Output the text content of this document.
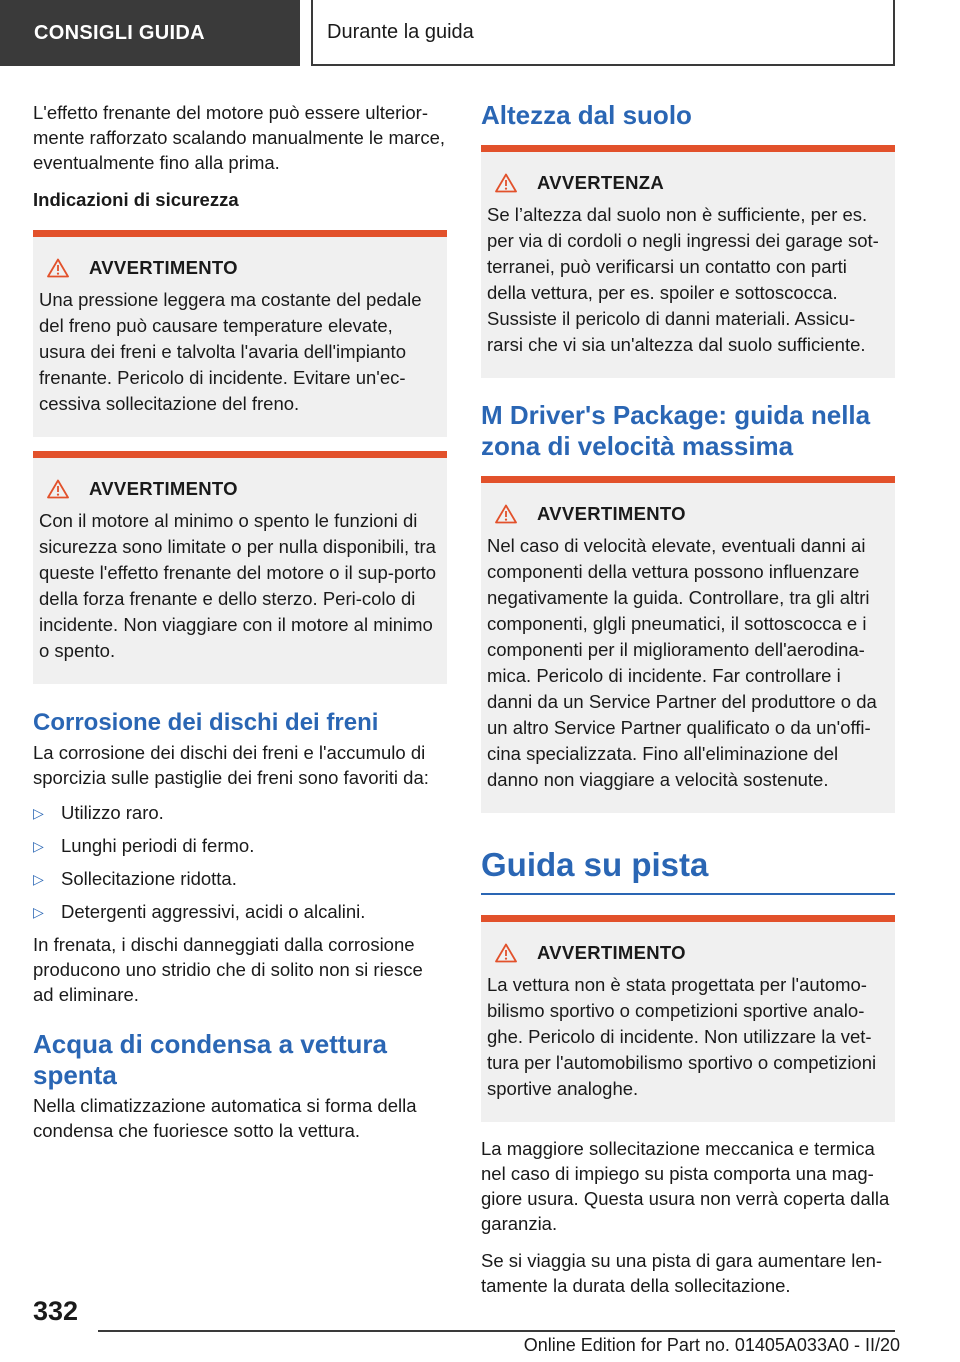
CONSIGLI GUIDA	Durante la guida

L'effetto frenante del motore può essere ulterior-mente rafforzato scalando manualmente le marce, eventualmente fino alla prima.

Indicazioni di sicurezza

AVVERTIMENTO

Una pressione leggera ma costante del pedale del freno può causare temperature elevate, usura dei freni e talvolta l'avaria dell'impianto frenante. Pericolo di incidente. Evitare un'ec-cessiva sollecitazione del freno.

AVVERTIMENTO

Con il motore al minimo o spento le funzioni di sicurezza sono limitate o per nulla disponibili, tra queste l'effetto frenante del motore o il sup-porto della forza frenante e dello sterzo. Peri-colo di incidente. Non viaggiare con il motore al minimo o spento.

Corrosione dei dischi dei freni

La corrosione dei dischi dei freni e l'accumulo di sporcizia sulle pastiglie dei freni sono favoriti da:

▷ Utilizzo raro.
▷ Lunghi periodi di fermo.
▷ Sollecitazione ridotta.
▷ Detergenti aggressivi, acidi o alcalini.

In frenata, i dischi danneggiati dalla corrosione producono uno stridio che di solito non si riesce ad eliminare.

Acqua di condensa a vettura spenta

Nella climatizzazione automatica si forma della condensa che fuoriesce sotto la vettura.

Altezza dal suolo
AVVERTENZA

Se l’altezza dal suolo non è sufficiente, per es. per via di cordoli o negli ingressi dei garage sot-terranei, può verificarsi un contatto con parti della vettura, per es. spoiler e sottoscocca. Sussiste il pericolo di danni materiali. Assicu-rarsi che vi sia un'altezza dal suolo sufficiente.

M Driver's Package: guida nella zona di velocità massima
AVVERTIMENTO

Nel caso di velocità elevate, eventuali danni ai componenti della vettura possono influenzare negativamente la guida. Controllare, tra gli altri componenti, glgli pneumatici, il sottoscocca e i componenti per il miglioramento dell'aerodina-mica. Pericolo di incidente. Far controllare i danni da un Service Partner del produttore o da un altro Service Partner qualificato o da un'offi-cina specializzata. Fino all'eliminazione del danno non viaggiare a velocità sostenute.

Guida su pista
AVVERTIMENTO

La vettura non è stata progettata per l'automo-bilismo sportivo o competizioni sportive analo-ghe. Pericolo di incidente. Non utilizzare la vet-tura per l'automobilismo sportivo o competizioni sportive analoghe.

La maggiore sollecitazione meccanica e termica nel caso di impiego su pista comporta una mag-giore usura. Questa usura non verrà coperta dalla garanzia.

Se si viaggia su una pista di gara aumentare len-tamente la durata della sollecitazione.

332
Online Edition for Part no. 01405A033A0 - II/20
